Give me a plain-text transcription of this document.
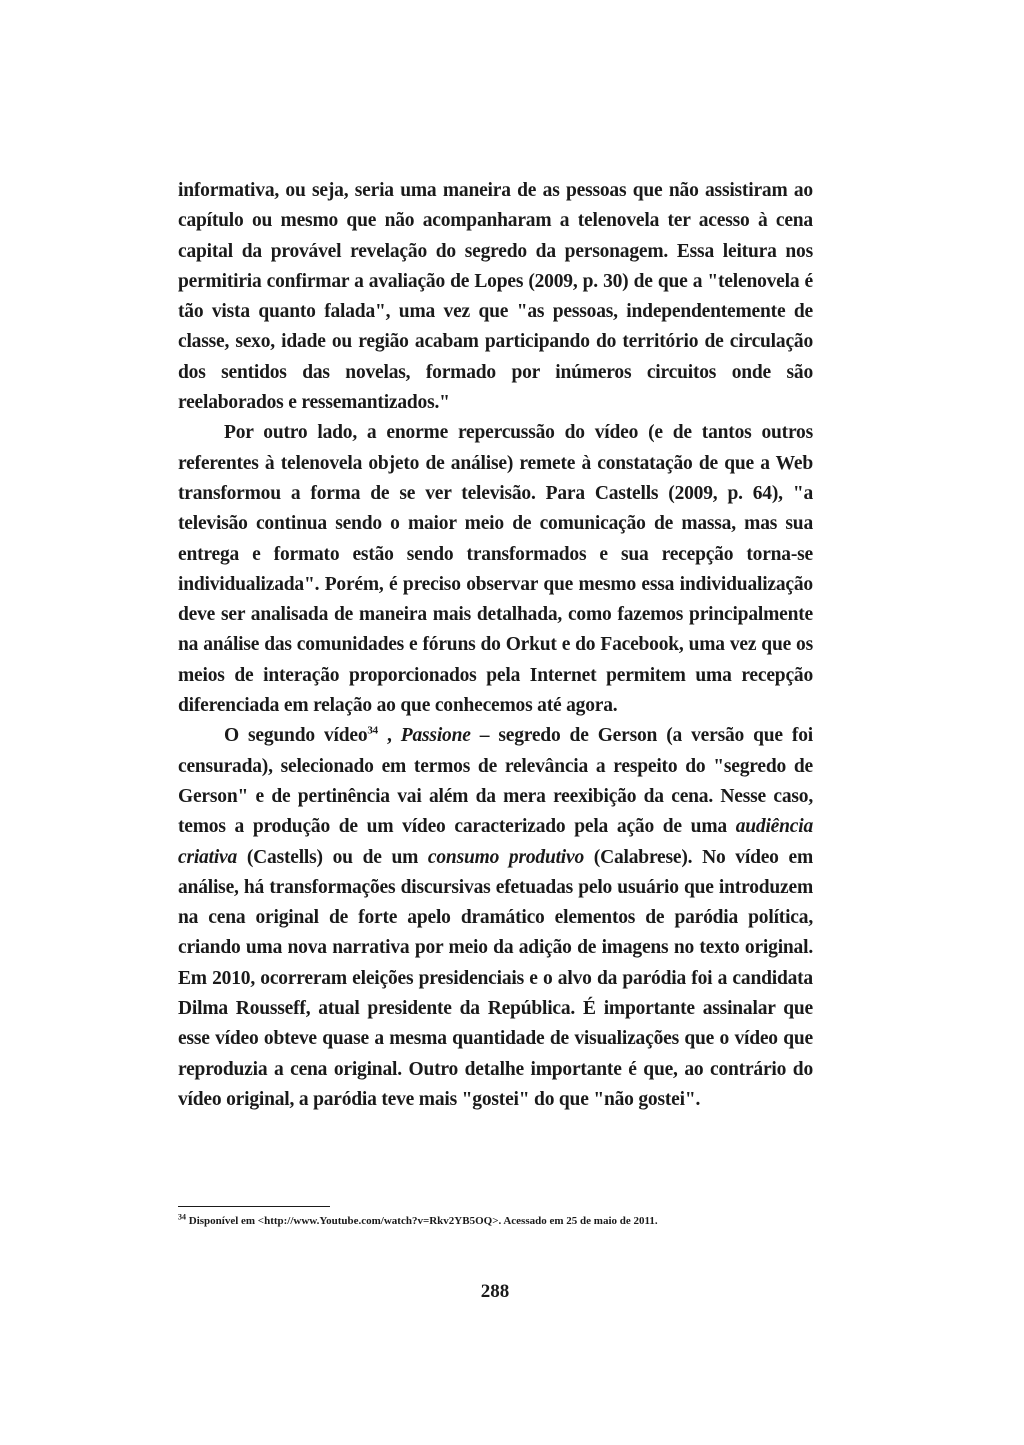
informativa, ou seja, seria uma maneira de as pessoas que não assistiram ao capítulo ou mesmo que não acompanharam a telenovela ter acesso à cena capital da provável revelação do segredo da personagem. Essa leitura nos permitiria confirmar a avaliação de Lopes (2009, p. 30) de que a "telenovela é tão vista quanto falada", uma vez que "as pessoas, independentemente de classe, sexo, idade ou região acabam participando do território de circulação dos sentidos das novelas, formado por inúmeros circuitos onde são reelaborados e ressemantizados."

Por outro lado, a enorme repercussão do vídeo (e de tantos outros referentes à telenovela objeto de análise) remete à constatação de que a Web transformou a forma de se ver televisão. Para Castells (2009, p. 64), "a televisão continua sendo o maior meio de comunicação de massa, mas sua entrega e formato estão sendo transformados e sua recepção torna-se individualizada". Porém, é preciso observar que mesmo essa individualização deve ser analisada de maneira mais detalhada, como fazemos principalmente na análise das comunidades e fóruns do Orkut e do Facebook, uma vez que os meios de interação proporcionados pela Internet permitem uma recepção diferenciada em relação ao que conhecemos até agora.

O segundo vídeo$^{34}$ , Passione – segredo de Gerson (a versão que foi censurada), selecionado em termos de relevância a respeito do "segredo de Gerson" e de pertinência vai além da mera reexibição da cena. Nesse caso, temos a produção de um vídeo caracterizado pela ação de uma audiência criativa (Castells) ou de um consumo produtivo (Calabrese). No vídeo em análise, há transformações discursivas efetuadas pelo usuário que introduzem na cena original de forte apelo dramático elementos de paródia política, criando uma nova narrativa por meio da adição de imagens no texto original. Em 2010, ocorreram eleições presidenciais e o alvo da paródia foi a candidata Dilma Rousseff, atual presidente da República. É importante assinalar que esse vídeo obteve quase a mesma quantidade de visualizações que o vídeo que reproduzia a cena original. Outro detalhe importante é que, ao contrário do vídeo original, a paródia teve mais "gostei" do que "não gostei".

$^{34}$ Disponível em <http://www.Youtube.com/watch?v=Rkv2YB5OQ>. Acessado em 25 de maio de 2011.
288
